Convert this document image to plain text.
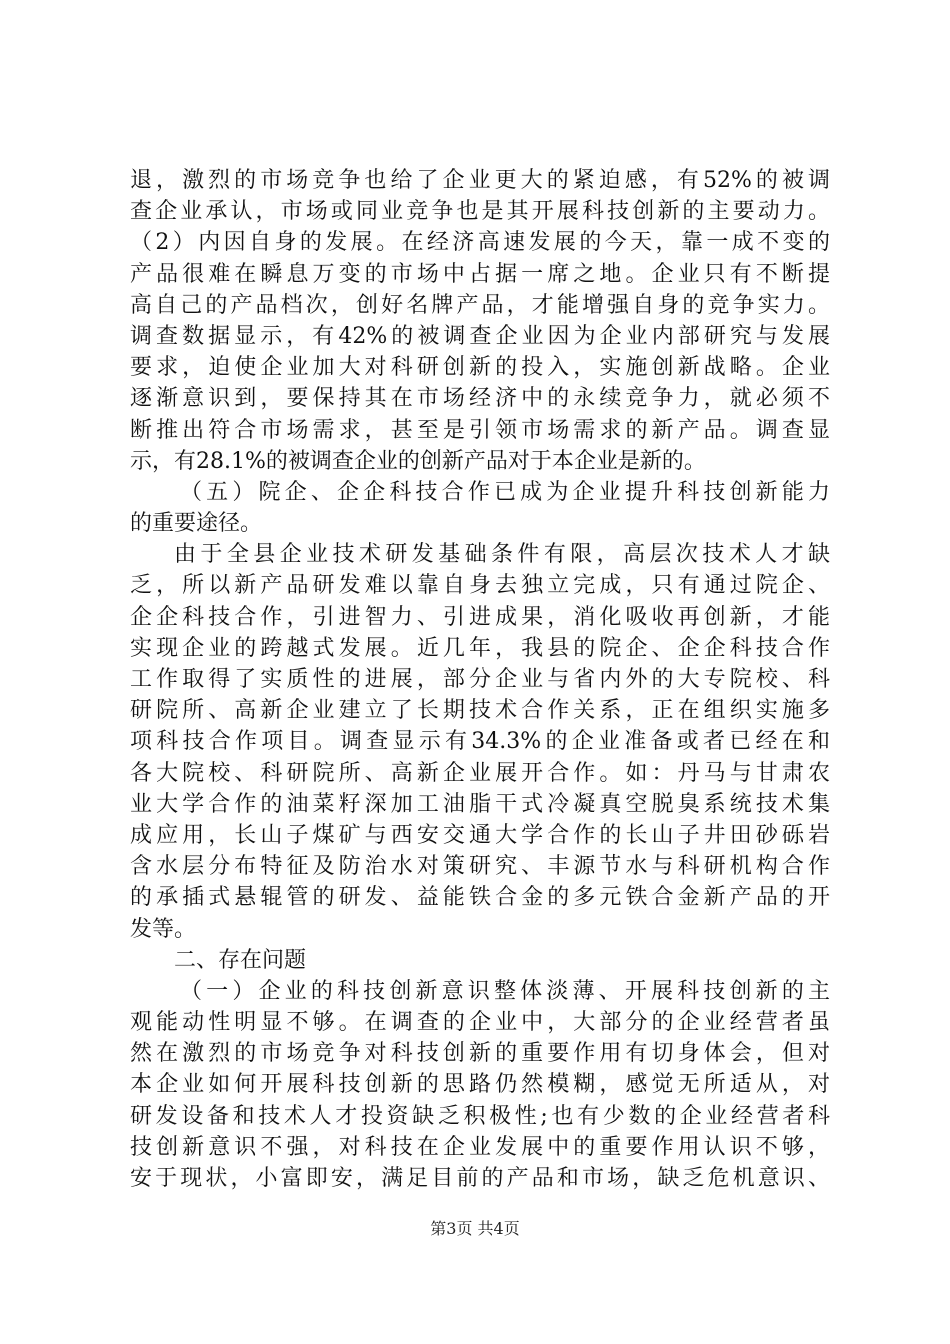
退，激烈的市场竞争也给了企业更大的紧迫感，有52%的被调
查企业承认，市场或同业竞争也是其开展科技创新的主要动力。
（2）内因自身的发展。在经济高速发展的今天，靠一成不变的
产品很难在瞬息万变的市场中占据一席之地。企业只有不断提
高自己的产品档次，创好名牌产品，才能增强自身的竞争实力。
调查数据显示，有42%的被调查企业因为企业内部研究与发展
要求，迫使企业加大对科研创新的投入，实施创新战略。企业
逐渐意识到，要保持其在市场经济中的永续竞争力，就必须不
断推出符合市场需求，甚至是引领市场需求的新产品。调查显
示，有28.1%的被调查企业的创新产品对于本企业是新的。
（五）院企、企企科技合作已成为企业提升科技创新能力
的重要途径。
由于全县企业技术研发基础条件有限，高层次技术人才缺
乏，所以新产品研发难以靠自身去独立完成，只有通过院企、
企企科技合作，引进智力、引进成果，消化吸收再创新，才能
实现企业的跨越式发展。近几年，我县的院企、企企科技合作
工作取得了实质性的进展，部分企业与省内外的大专院校、科
研院所、高新企业建立了长期技术合作关系，正在组织实施多
项科技合作项目。调查显示有34.3%的企业准备或者已经在和
各大院校、科研院所、高新企业展开合作。如：丹马与甘肃农
业大学合作的油菜籽深加工油脂干式冷凝真空脱臭系统技术集
成应用，长山子煤矿与西安交通大学合作的长山子井田砂砾岩
含水层分布特征及防治水对策研究、丰源节水与科研机构合作
的承插式悬辊管的研发、益能铁合金的多元铁合金新产品的开
发等。
二、存在问题
（一）企业的科技创新意识整体淡薄、开展科技创新的主
观能动性明显不够。在调查的企业中，大部分的企业经营者虽
然在激烈的市场竞争对科技创新的重要作用有切身体会，但对
本企业如何开展科技创新的思路仍然模糊，感觉无所适从，对
研发设备和技术人才投资缺乏积极性;也有少数的企业经营者科
技创新意识不强，对科技在企业发展中的重要作用认识不够，
安于现状，小富即安，满足目前的产品和市场，缺乏危机意识、
第3页 共4页
